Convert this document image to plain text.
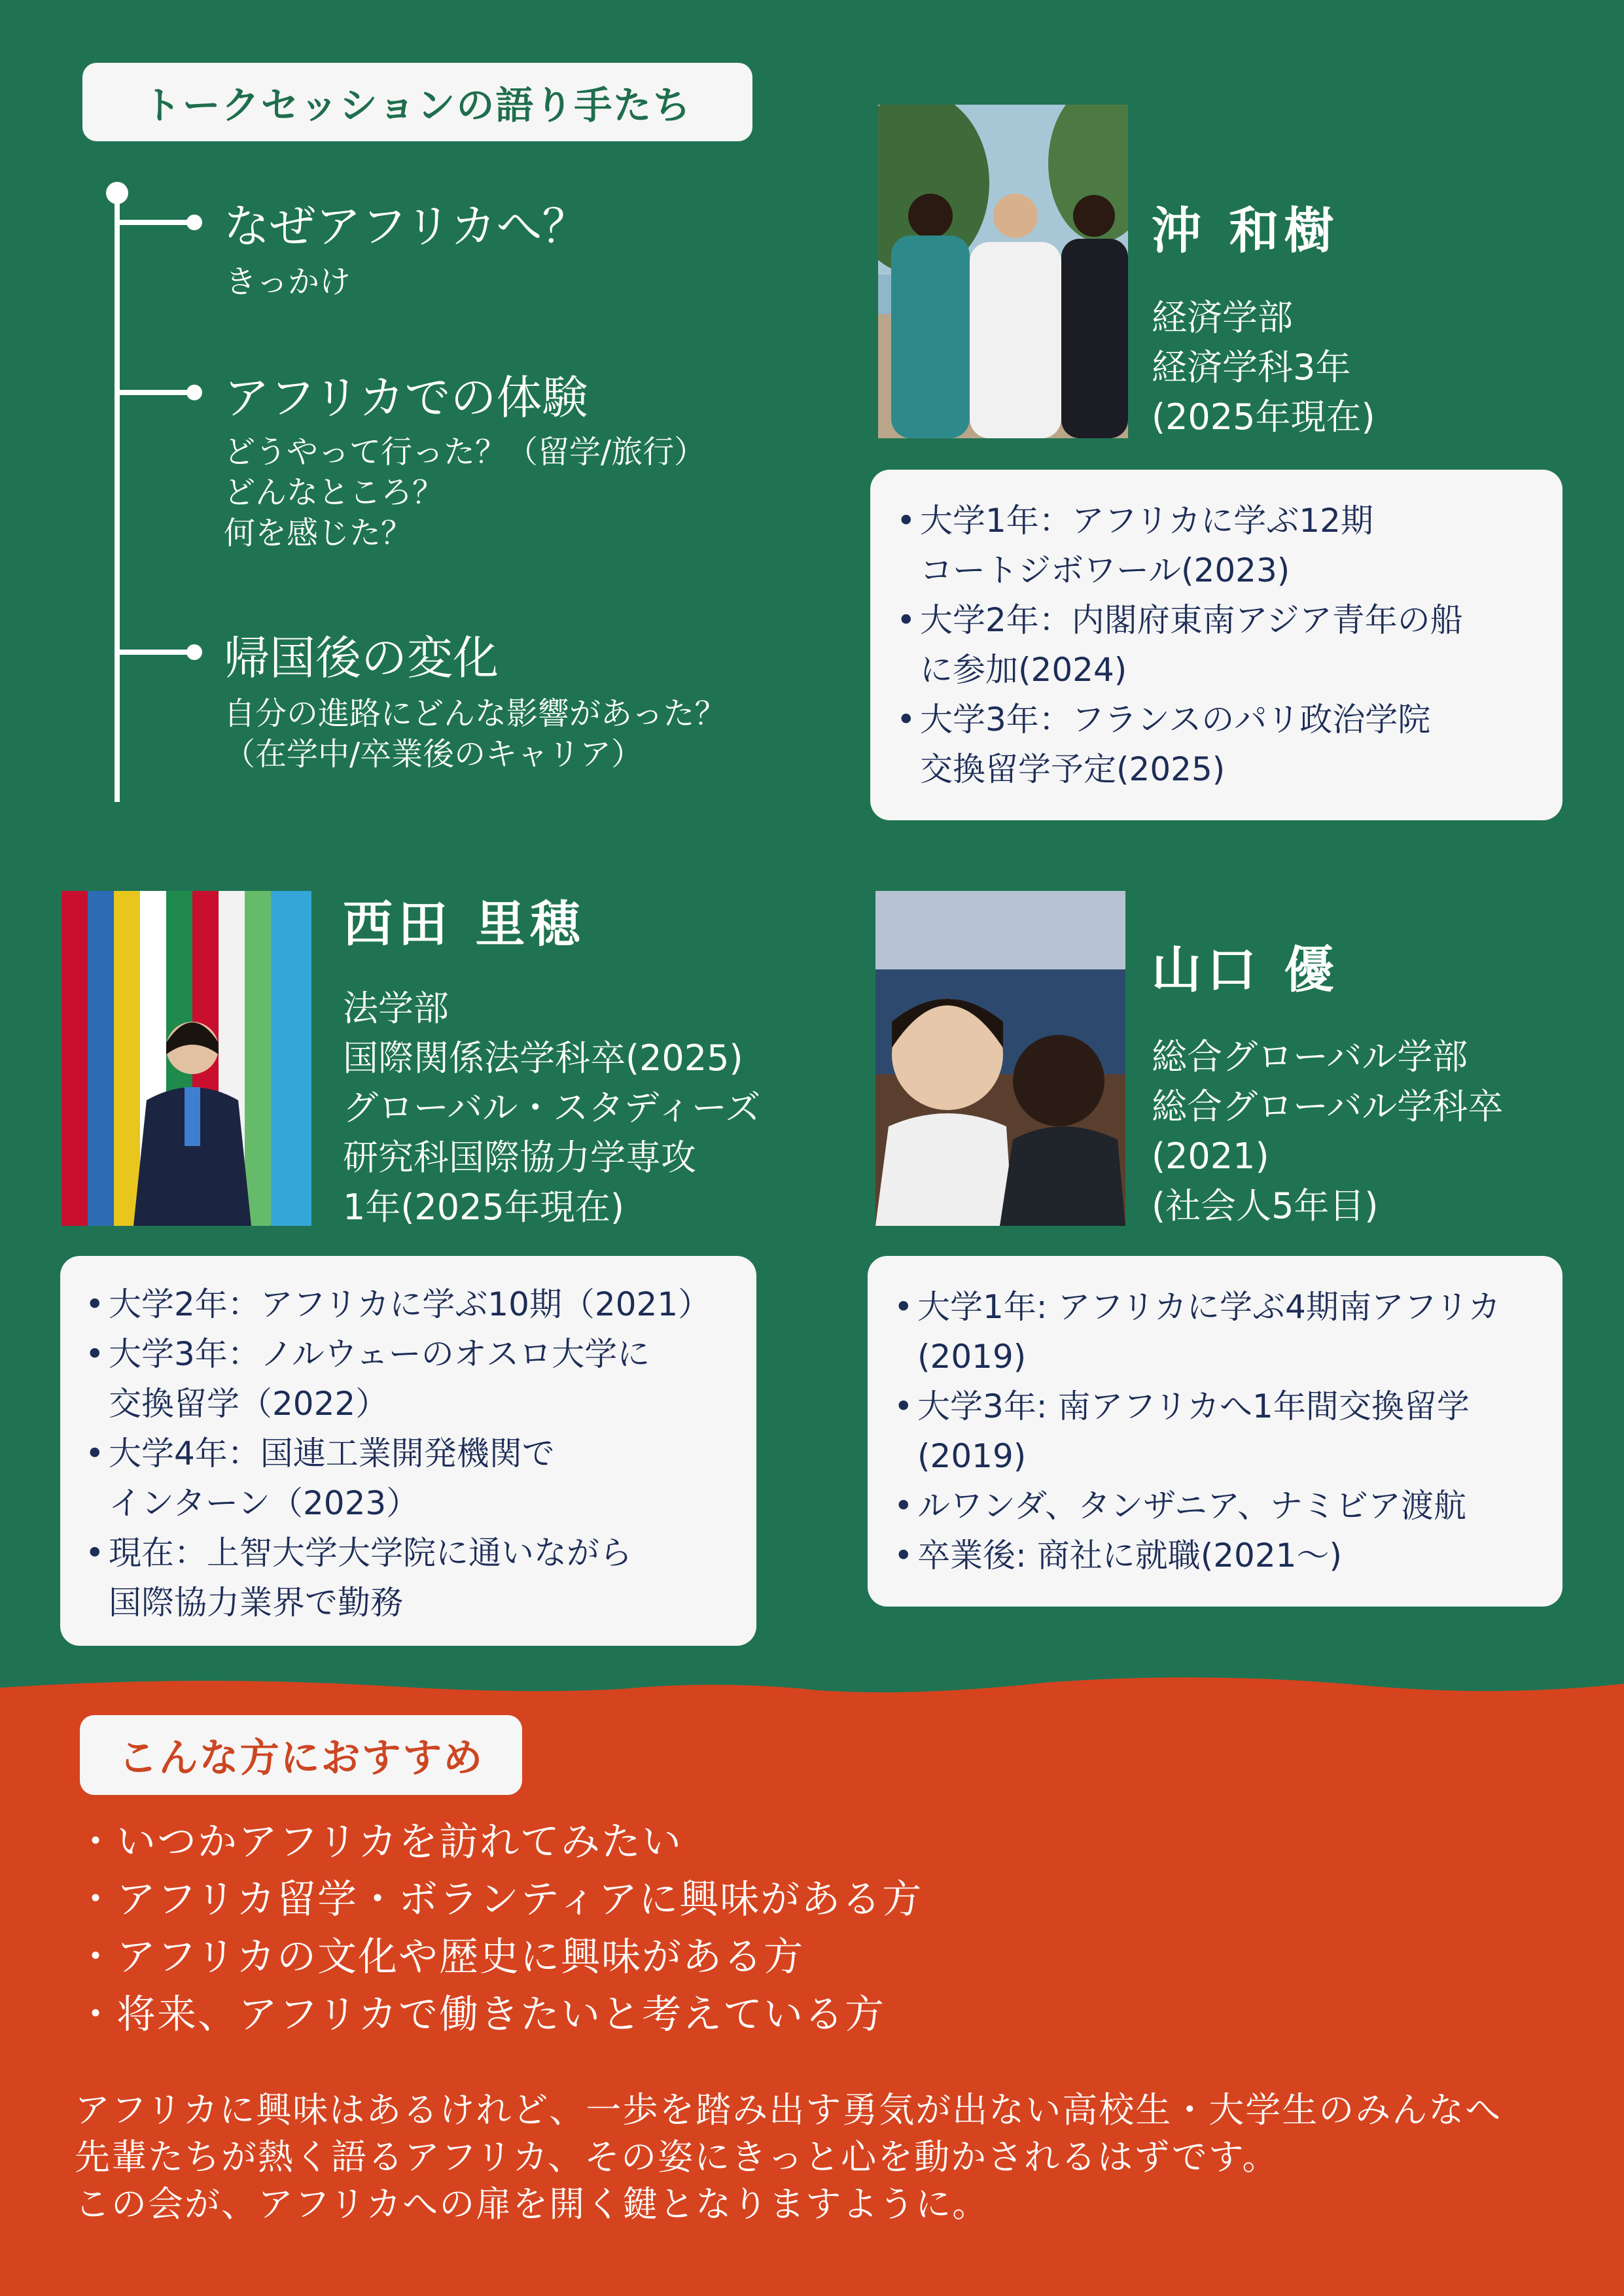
トークセッションの語り手たち
なぜアフリカへ？
きっかけ
アフリカでの体験
どうやって行った？（留学/旅行）
どんなところ？
何を感じた？
帰国後の変化
自分の進路にどんな影響があった？
（在学中/卒業後のキャリア）
沖 和樹
経済学部
経済学科3年
(2025年現在)
• 大学1年：アフリカに学ぶ12期
コートジボワール(2023)
• 大学2年：内閣府東南アジア青年の船
に参加(2024)
• 大学3年：フランスのパリ政治学院
交換留学予定(2025)
西田 里穂
法学部
国際関係法学科卒(2025)
グローバル・スタディーズ
研究科国際協力学専攻
1年(2025年現在)
• 大学2年：アフリカに学ぶ10期（2021）
• 大学3年：ノルウェーのオスロ大学に
交換留学（2022）
• 大学4年：国連工業開発機関で
インターン（2023）
• 現在：上智大学大学院に通いながら
国際協力業界で勤務
山口 優
総合グローバル学部
総合グローバル学科卒
(2021)
(社会人5年目)
• 大学1年: アフリカに学ぶ4期南アフリカ
(2019)
• 大学3年: 南アフリカへ1年間交換留学
(2019)
• ルワンダ、タンザニア、ナミビア渡航
• 卒業後: 商社に就職(2021〜)
こんな方におすすめ
・いつかアフリカを訪れてみたい
・アフリカ留学・ボランティアに興味がある方
・アフリカの文化や歴史に興味がある方
・将来、アフリカで働きたいと考えている方

アフリカに興味はあるけれど、一歩を踏み出す勇気が出ない高校生・大学生のみんなへ

先輩たちが熱く語るアフリカ、その姿にきっと心を動かされるはずです。

この会が、アフリカへの扉を開く鍵となりますように。
